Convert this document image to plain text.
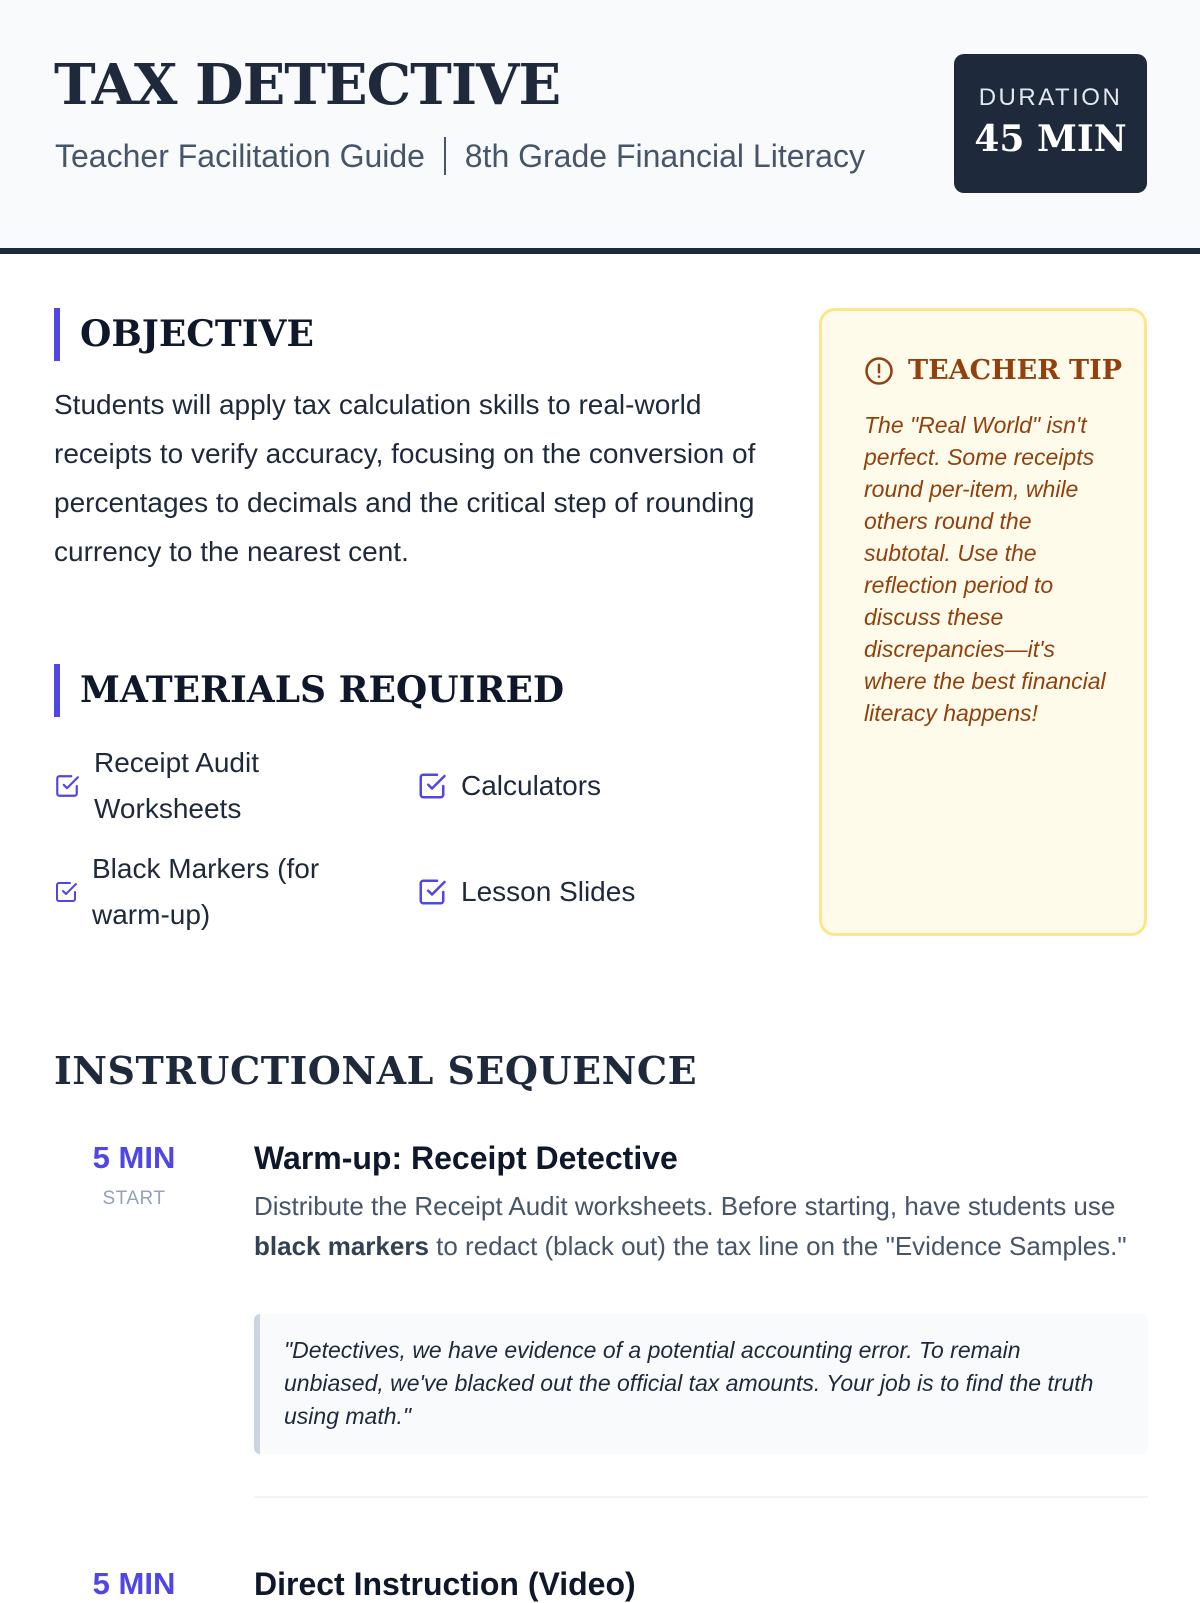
TAX DETECTIVE
Teacher Facilitation Guide 8th Grade Financial Literacy
DURATION
45 MIN
OBJECTIVE
Students will apply tax calculation skills to real-world receipts to verify accuracy, focusing on the conversion of percentages to decimals and the critical step of rounding currency to the nearest cent.
MATERIALS REQUIRED
Receipt Audit Worksheets
Calculators
Black Markers (for warm-up)
Lesson Slides
TEACHER TIP
The "Real World" isn't perfect. Some receipts round per-item, while others round the subtotal. Use the reflection period to discuss these discrepancies—it's where the best financial literacy happens!
INSTRUCTIONAL SEQUENCE
5 MIN
START
Warm-up: Receipt Detective
Distribute the Receipt Audit worksheets. Before starting, have students use black markers to redact (black out) the tax line on the "Evidence Samples."
"Detectives, we have evidence of a potential accounting error. To remain unbiased, we've blacked out the official tax amounts. Your job is to find the truth using math."
5 MIN	Direct Instruction (Video)
